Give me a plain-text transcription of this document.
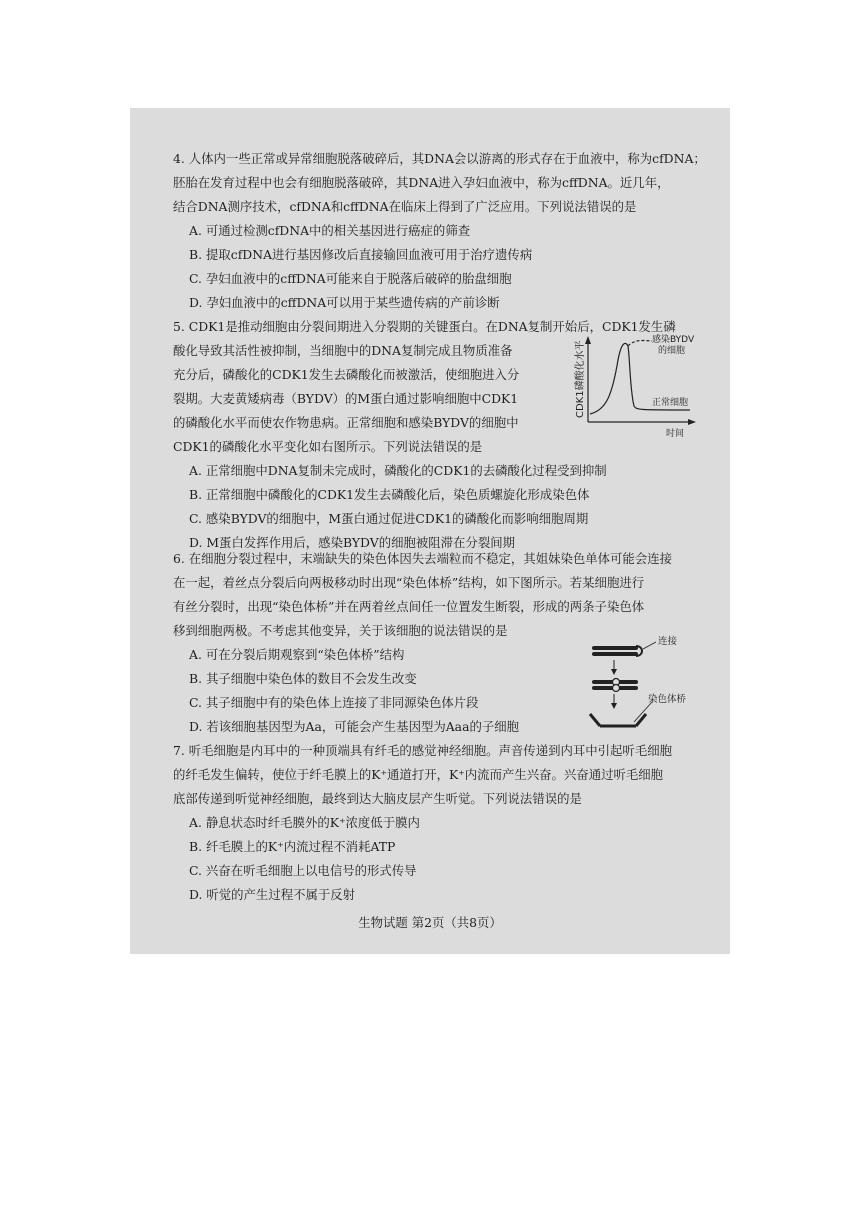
4. 人体内一些正常或异常细胞脱落破碎后，其DNA会以游离的形式存在于血液中，称为cfDNA；
胚胎在发育过程中也会有细胞脱落破碎，其DNA进入孕妇血液中，称为cffDNA。近几年，
结合DNA测序技术，cfDNA和cffDNA在临床上得到了广泛应用。下列说法错误的是
A. 可通过检测cfDNA中的相关基因进行癌症的筛查
B. 提取cfDNA进行基因修改后直接输回血液可用于治疗遗传病
C. 孕妇血液中的cffDNA可能来自于脱落后破碎的胎盘细胞
D. 孕妇血液中的cffDNA可以用于某些遗传病的产前诊断
5. CDK1是推动细胞由分裂间期进入分裂期的关键蛋白。在DNA复制开始后，CDK1发生磷
酸化导致其活性被抑制，当细胞中的DNA复制完成且物质准备
充分后，磷酸化的CDK1发生去磷酸化而被激活，使细胞进入分
裂期。大麦黄矮病毒（BYDV）的M蛋白通过影响细胞中CDK1
的磷酸化水平而使农作物患病。正常细胞和感染BYDV的细胞中
CDK1的磷酸化水平变化如右图所示。下列说法错误的是
A. 正常细胞中DNA复制未完成时，磷酸化的CDK1的去磷酸化过程受到抑制
B. 正常细胞中磷酸化的CDK1发生去磷酸化后，染色质螺旋化形成染色体
C. 感染BYDV的细胞中，M蛋白通过促进CDK1的磷酸化而影响细胞周期
D. M蛋白发挥作用后，感染BYDV的细胞被阻滞在分裂间期
CDK1磷酸化水平
感染BYDV
的细胞
正常细胞
时间
6. 在细胞分裂过程中，末端缺失的染色体因失去端粒而不稳定，其姐妹染色单体可能会连接
在一起，着丝点分裂后向两极移动时出现“染色体桥”结构，如下图所示。若某细胞进行
有丝分裂时，出现“染色体桥”并在两着丝点间任一位置发生断裂，形成的两条子染色体
移到细胞两极。不考虑其他变异，关于该细胞的说法错误的是
A. 可在分裂后期观察到“染色体桥”结构
B. 其子细胞中染色体的数目不会发生改变
C. 其子细胞中有的染色体上连接了非同源染色体片段
D. 若该细胞基因型为Aa，可能会产生基因型为Aaa的子细胞
连接
染色体桥
7. 听毛细胞是内耳中的一种顶端具有纤毛的感觉神经细胞。声音传递到内耳中引起听毛细胞
的纤毛发生偏转，使位于纤毛膜上的K⁺通道打开，K⁺内流而产生兴奋。兴奋通过听毛细胞
底部传递到听觉神经细胞，最终到达大脑皮层产生听觉。下列说法错误的是
A. 静息状态时纤毛膜外的K⁺浓度低于膜内
B. 纤毛膜上的K⁺内流过程不消耗ATP
C. 兴奋在听毛细胞上以电信号的形式传导
D. 听觉的产生过程不属于反射
生物试题 第2页（共8页）
